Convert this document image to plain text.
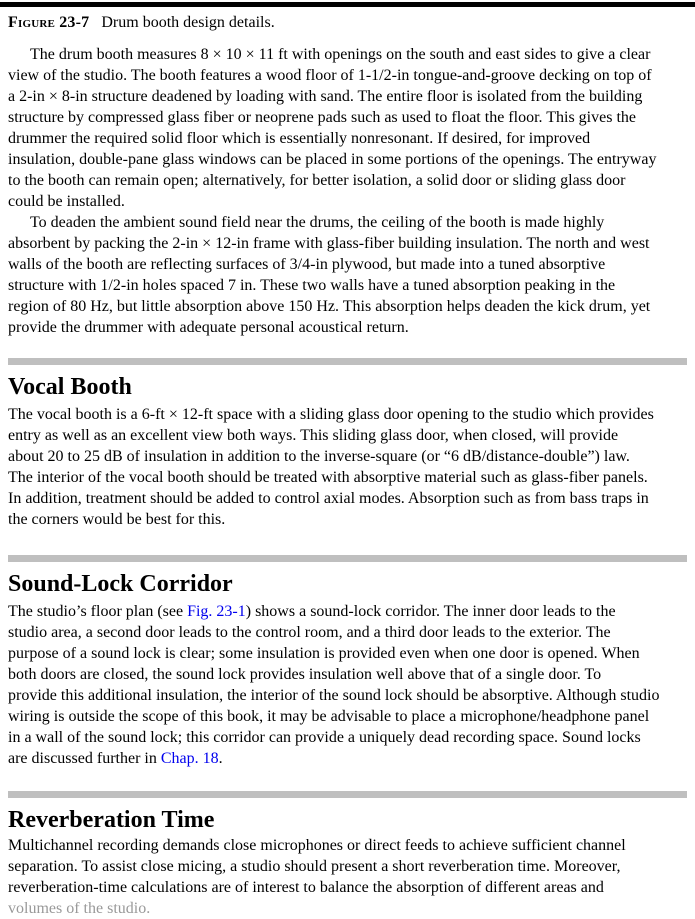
Figure 23-7 Drum booth design details.
The drum booth measures 8 × 10 × 11 ft with openings on the south and east sides to give a clear
view of the studio. The booth features a wood floor of 1-1/2-in tongue-and-groove decking on top of
a 2-in × 8-in structure deadened by loading with sand. The entire floor is isolated from the building
structure by compressed glass fiber or neoprene pads such as used to float the floor. This gives the
drummer the required solid floor which is essentially nonresonant. If desired, for improved
insulation, double-pane glass windows can be placed in some portions of the openings. The entryway
to the booth can remain open; alternatively, for better isolation, a solid door or sliding glass door
could be installed.
To deaden the ambient sound field near the drums, the ceiling of the booth is made highly
absorbent by packing the 2-in × 12-in frame with glass-fiber building insulation. The north and west
walls of the booth are reflecting surfaces of 3/4-in plywood, but made into a tuned absorptive
structure with 1/2-in holes spaced 7 in. These two walls have a tuned absorption peaking in the
region of 80 Hz, but little absorption above 150 Hz. This absorption helps deaden the kick drum, yet
provide the drummer with adequate personal acoustical return.
Vocal Booth
The vocal booth is a 6-ft × 12-ft space with a sliding glass door opening to the studio which provides
entry as well as an excellent view both ways. This sliding glass door, when closed, will provide
about 20 to 25 dB of insulation in addition to the inverse-square (or “6 dB/distance-double”) law.
The interior of the vocal booth should be treated with absorptive material such as glass-fiber panels.
In addition, treatment should be added to control axial modes. Absorption such as from bass traps in
the corners would be best for this.
Sound-Lock Corridor
The studio’s floor plan (see Fig. 23-1) shows a sound-lock corridor. The inner door leads to the
studio area, a second door leads to the control room, and a third door leads to the exterior. The
purpose of a sound lock is clear; some insulation is provided even when one door is opened. When
both doors are closed, the sound lock provides insulation well above that of a single door. To
provide this additional insulation, the interior of the sound lock should be absorptive. Although studio
wiring is outside the scope of this book, it may be advisable to place a microphone/headphone panel
in a wall of the sound lock; this corridor can provide a uniquely dead recording space. Sound locks
are discussed further in Chap. 18.
Reverberation Time
Multichannel recording demands close microphones or direct feeds to achieve sufficient channel
separation. To assist close micing, a studio should present a short reverberation time. Moreover,
reverberation-time calculations are of interest to balance the absorption of different areas and
volumes of the studio.
